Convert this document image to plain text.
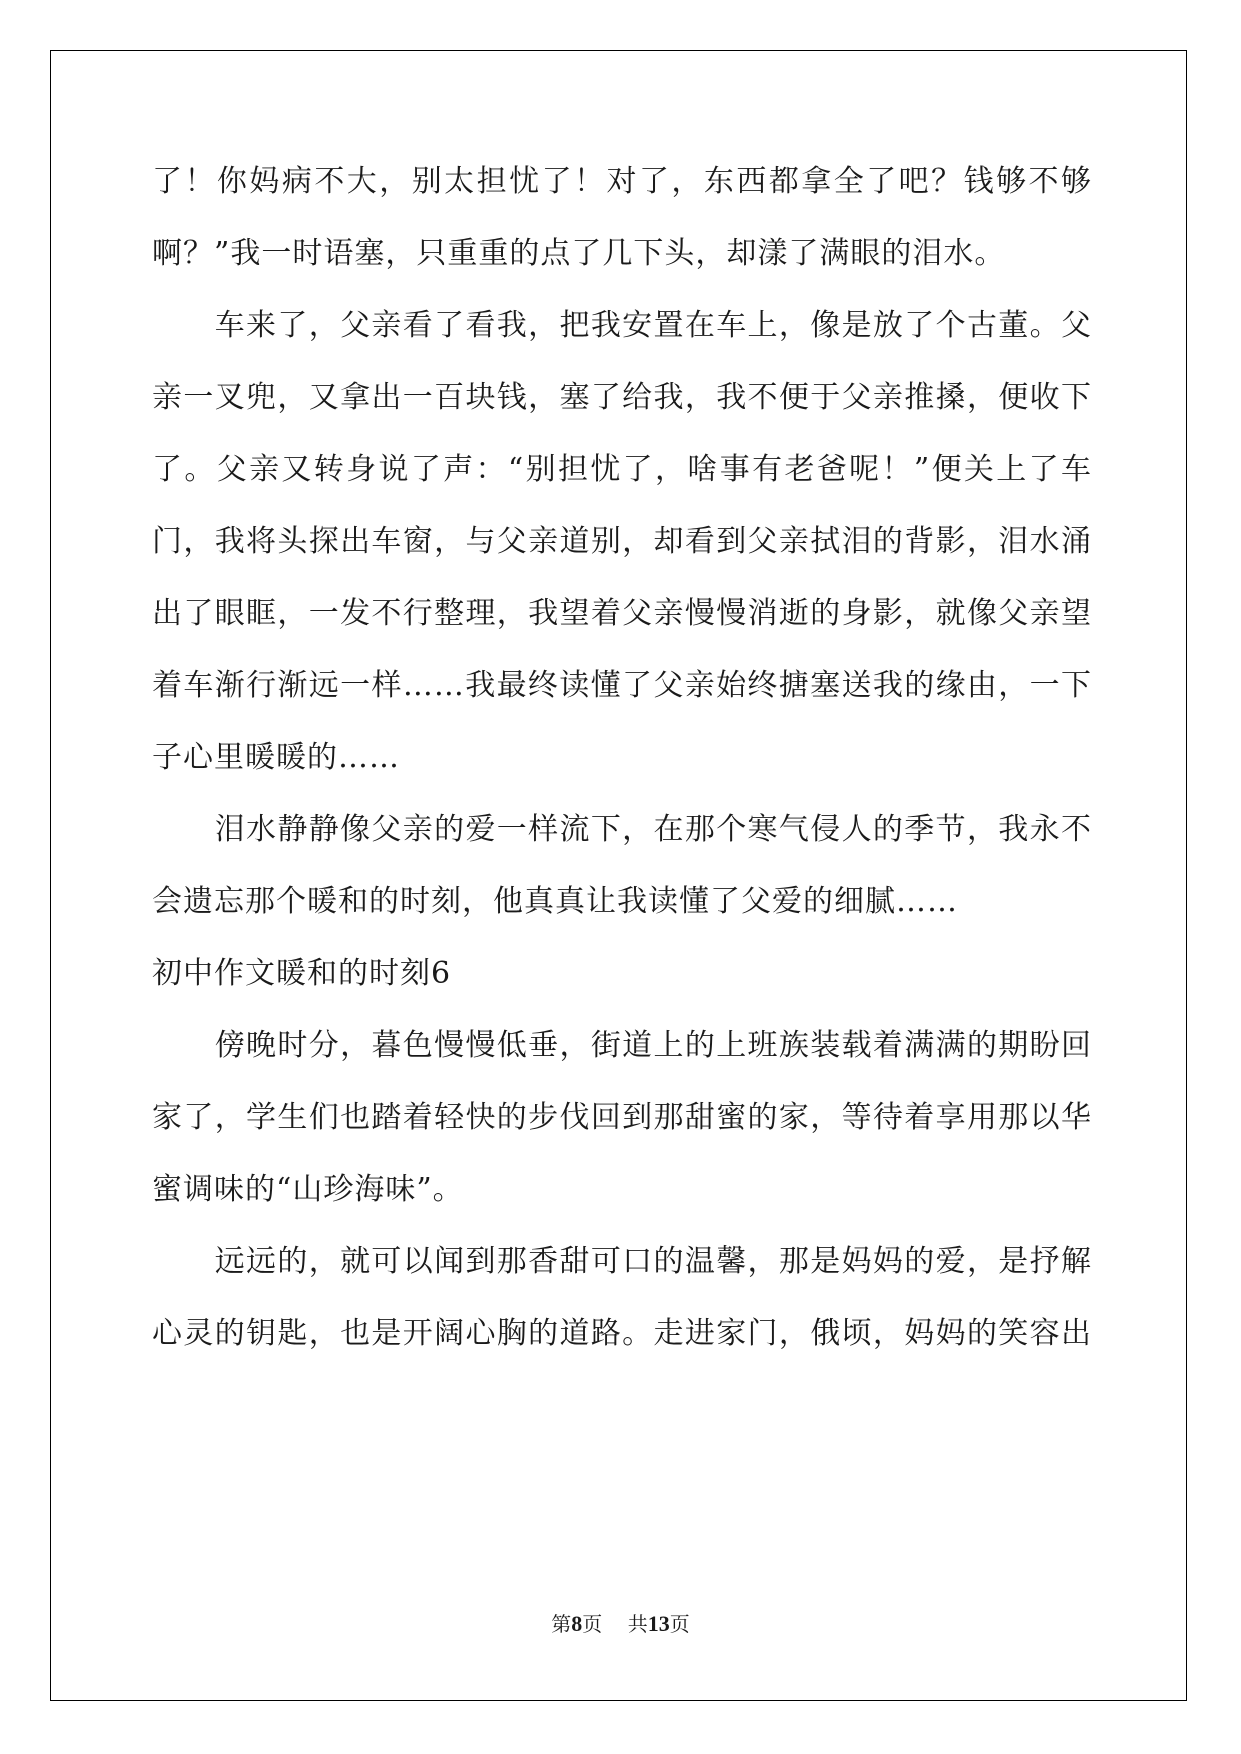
了！你妈病不大，别太担忧了！对了，东西都拿全了吧？钱够不够
啊？”我一时语塞，只重重的点了几下头，却漾了满眼的泪水。
　　车来了，父亲看了看我，把我安置在车上，像是放了个古董。父
亲一叉兜，又拿出一百块钱，塞了给我，我不便于父亲推搡，便收下
了。父亲又转身说了声：“别担忧了，啥事有老爸呢！”便关上了车
门，我将头探出车窗，与父亲道别，却看到父亲拭泪的背影，泪水涌
出了眼眶，一发不行整理，我望着父亲慢慢消逝的身影，就像父亲望
着车渐行渐远一样……我最终读懂了父亲始终搪塞送我的缘由，一下
子心里暖暖的……
　　泪水静静像父亲的爱一样流下，在那个寒气侵人的季节，我永不
会遗忘那个暖和的时刻，他真真让我读懂了父爱的细腻……
初中作文暖和的时刻6
　　傍晚时分，暮色慢慢低垂，街道上的上班族装载着满满的期盼回
家了，学生们也踏着轻快的步伐回到那甜蜜的家，等待着享用那以华
蜜调味的“山珍海味”。
　　远远的，就可以闻到那香甜可口的温馨，那是妈妈的爱，是抒解
心灵的钥匙，也是开阔心胸的道路。走进家门，俄顷，妈妈的笑容出
第8页 共13页
